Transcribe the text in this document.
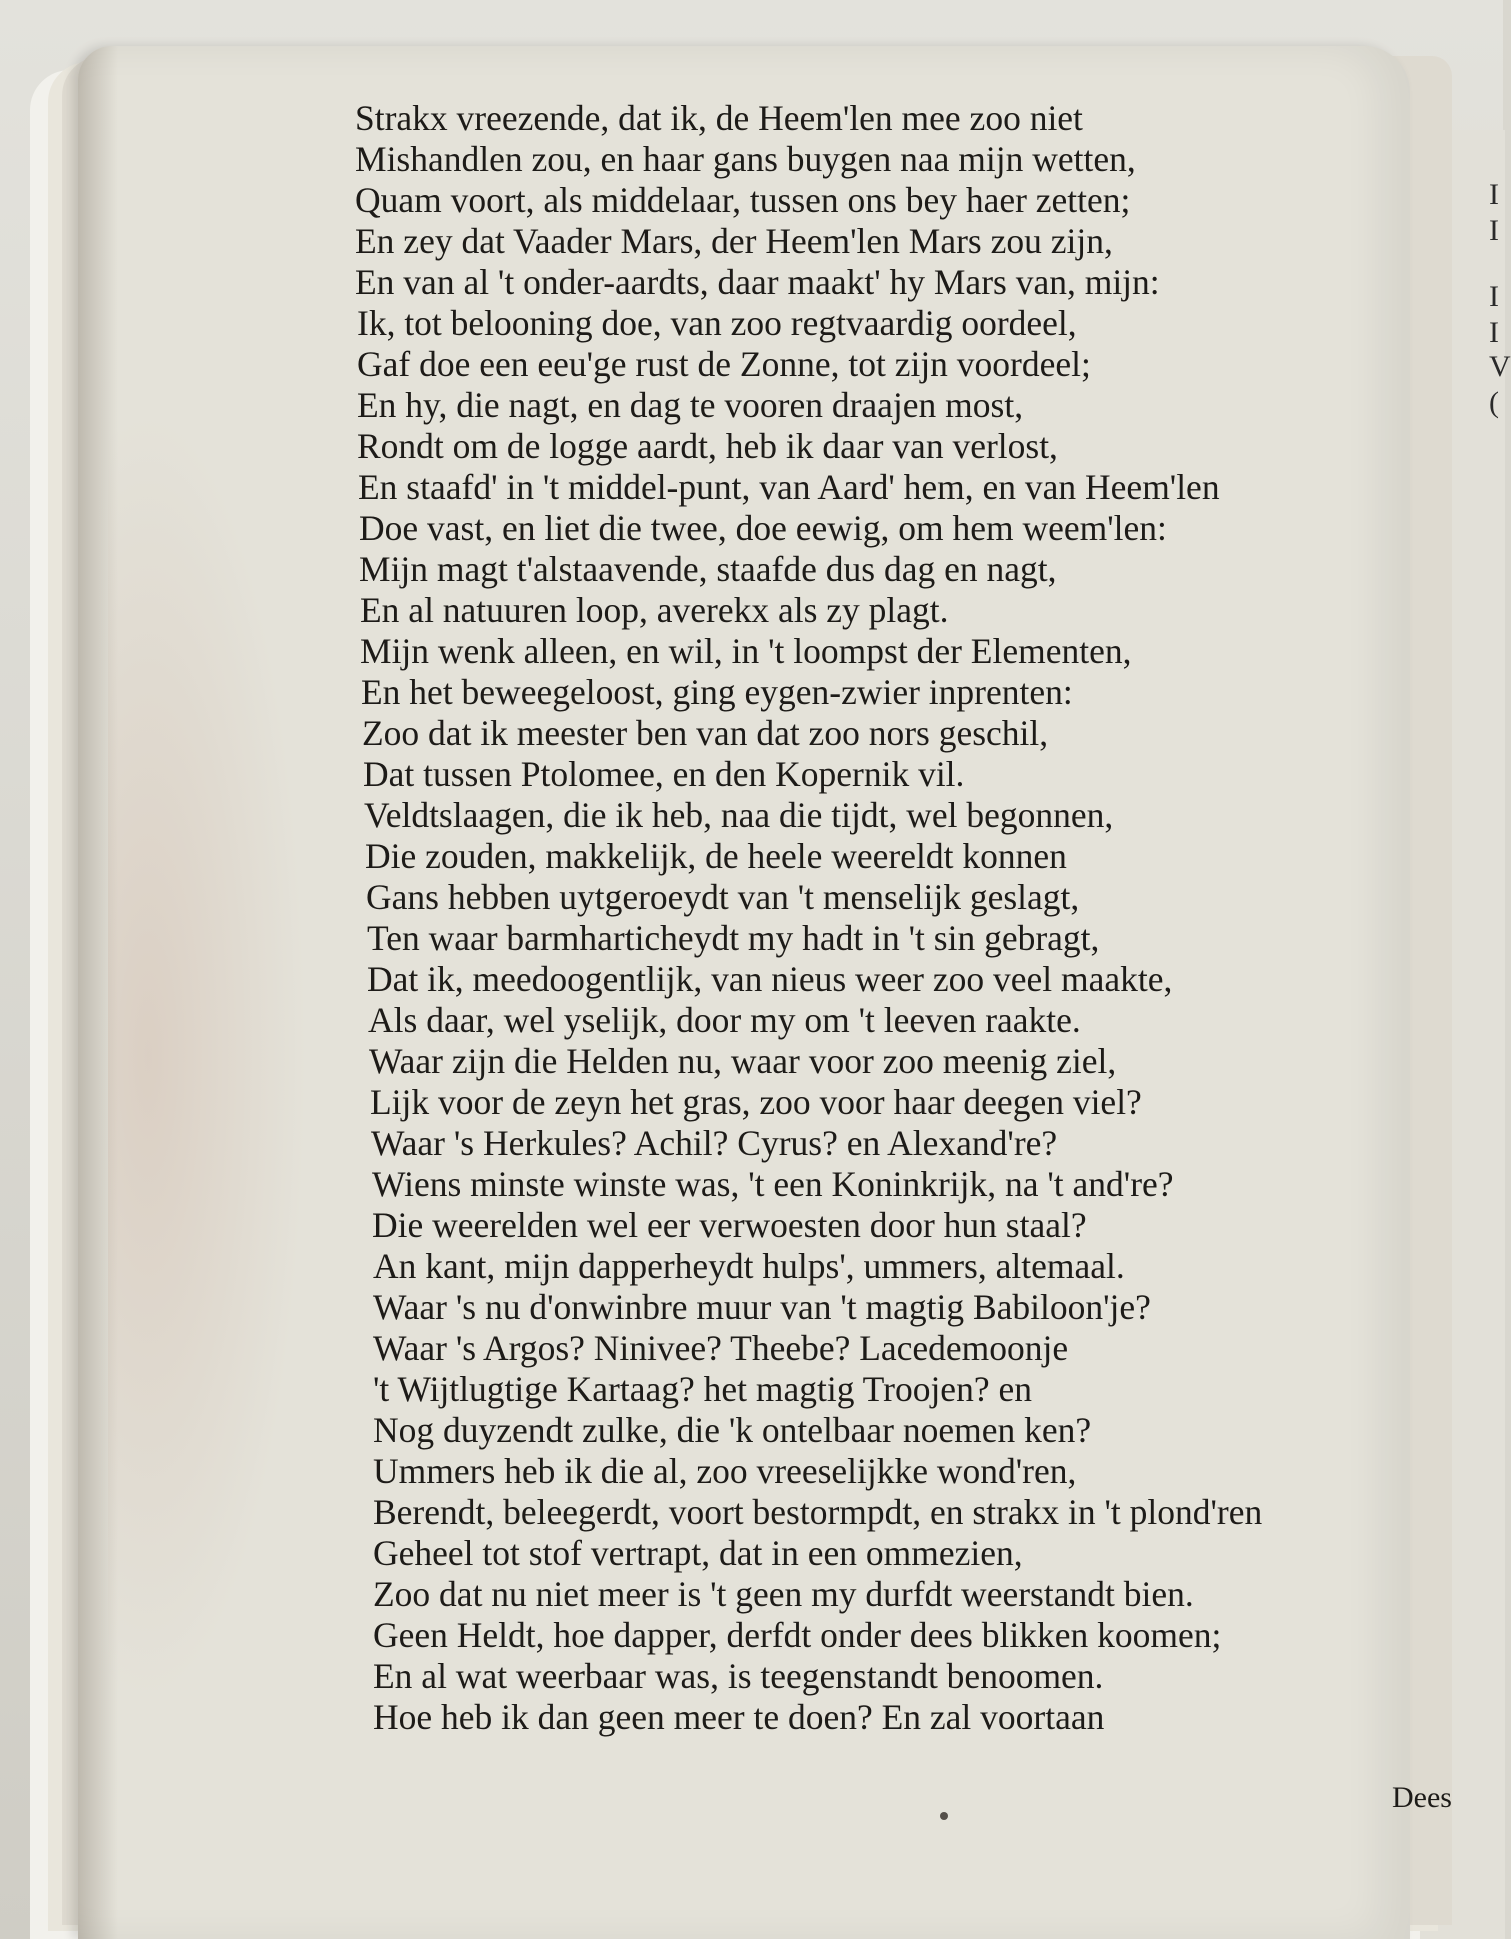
I
I
I
I
V
(
Strakx vreezende, dat ik, de Heem'len mee zoo niet
Mishandlen zou, en haar gans buygen naa mijn wetten,
Quam voort, als middelaar, tussen ons bey haer zetten;
En zey dat Vaader Mars, der Heem'len Mars zou zijn,
En van al 't onder-aardts, daar maakt' hy Mars van, mijn:
Ik, tot belooning doe, van zoo regtvaardig oordeel,
Gaf doe een eeu'ge rust de Zonne, tot zijn voordeel;
En hy, die nagt, en dag te vooren draajen most,
Rondt om de logge aardt, heb ik daar van verlost,
En staafd' in 't middel-punt, van Aard' hem, en van Heem'len
Doe vast, en liet die twee, doe eewig, om hem weem'len:
Mijn magt t'alstaavende, staafde dus dag en nagt,
En al natuuren loop, averekx als zy plagt.
Mijn wenk alleen, en wil, in 't loompst der Elementen,
En het beweegeloost, ging eygen-zwier inprenten:
Zoo dat ik meester ben van dat zoo nors geschil,
Dat tussen Ptolomee, en den Kopernik vil.
Veldtslaagen, die ik heb, naa die tijdt, wel begonnen,
Die zouden, makkelijk, de heele weereldt konnen
Gans hebben uytgeroeydt van 't menselijk geslagt,
Ten waar barmharticheydt my hadt in 't sin gebragt,
Dat ik, meedoogentlijk, van nieus weer zoo veel maakte,
Als daar, wel yselijk, door my om 't leeven raakte.
Waar zijn die Helden nu, waar voor zoo meenig ziel,
Lijk voor de zeyn het gras, zoo voor haar deegen viel?
Waar 's Herkules? Achil? Cyrus? en Alexand're?
Wiens minste winste was, 't een Koninkrijk, na 't and're?
Die weerelden wel eer verwoesten door hun staal?
An kant, mijn dapperheydt hulps', ummers, altemaal.
Waar 's nu d'onwinbre muur van 't magtig Babiloon'je?
Waar 's Argos? Ninivee? Theebe? Lacedemoonje
't Wijtlugtige Kartaag? het magtig Troojen? en
Nog duyzendt zulke, die 'k ontelbaar noemen ken?
Ummers heb ik die al, zoo vreeselijkke wond'ren,
Berendt, beleegerdt, voort bestormpdt, en strakx in 't plond'ren
Geheel tot stof vertrapt, dat in een ommezien,
Zoo dat nu niet meer is 't geen my durfdt weerstandt bien.
Geen Heldt, hoe dapper, derfdt onder dees blikken koomen;
En al wat weerbaar was, is teegenstandt benoomen.
Hoe heb ik dan geen meer te doen? En zal voortaan
Dees
